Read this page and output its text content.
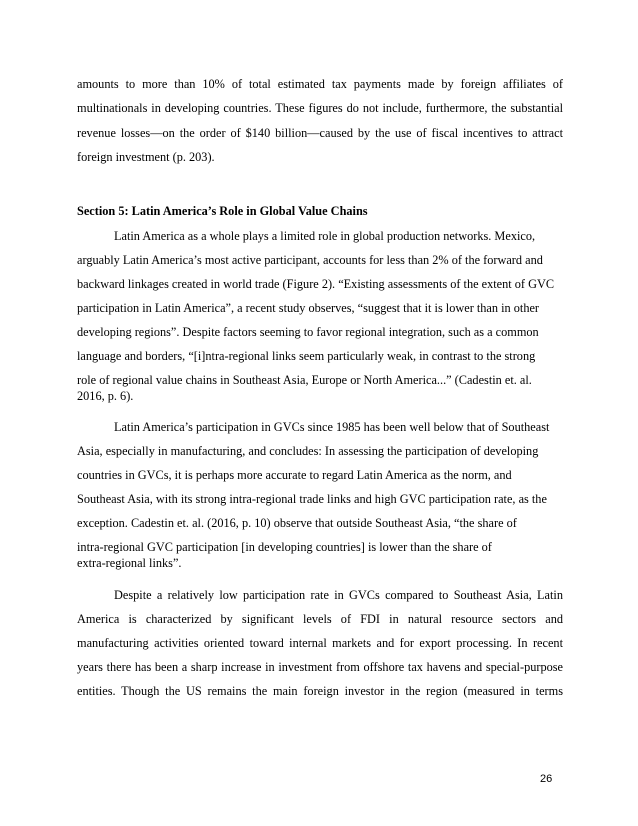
amounts to more than 10% of total estimated tax payments made by foreign affiliates of

multinationals in developing countries. These figures do not include, furthermore, the substantial

revenue losses—on the order of $140 billion—caused by the use of fiscal incentives to attract

foreign investment (p. 203).

Section 5: Latin America’s Role in Global Value Chains

Latin America as a whole plays a limited role in global production networks. Mexico,

arguably Latin America’s most active participant, accounts for less than 2% of the forward and

backward linkages created in world trade (Figure 2). “Existing assessments of the extent of GVC

participation in Latin America”, a recent study observes, “suggest that it is lower than in other

developing regions”. Despite factors seeming to favor regional integration, such as a common

language and borders, “[i]ntra-regional links seem particularly weak, in contrast to the strong

role of regional value chains in Southeast Asia, Europe or North America...” (Cadestin et. al.

2016, p. 6).

Latin America’s participation in GVCs since 1985 has been well below that of Southeast

Asia, especially in manufacturing, and concludes: In assessing the participation of developing

countries in GVCs, it is perhaps more accurate to regard Latin America as the norm, and

Southeast Asia, with its strong intra-regional trade links and high GVC participation rate, as the

exception. Cadestin et. al. (2016, p. 10) observe that outside Southeast Asia, “the share of

intra-regional GVC participation [in developing countries] is lower than the share of

extra-regional links”.

Despite a relatively low participation rate in GVCs compared to Southeast Asia, Latin

America is characterized by significant levels of FDI in natural resource sectors and

manufacturing activities oriented toward internal markets and for export processing. In recent

years there has been a sharp increase in investment from offshore tax havens and special-purpose

entities. Though the US remains the main foreign investor in the region (measured in terms

26
